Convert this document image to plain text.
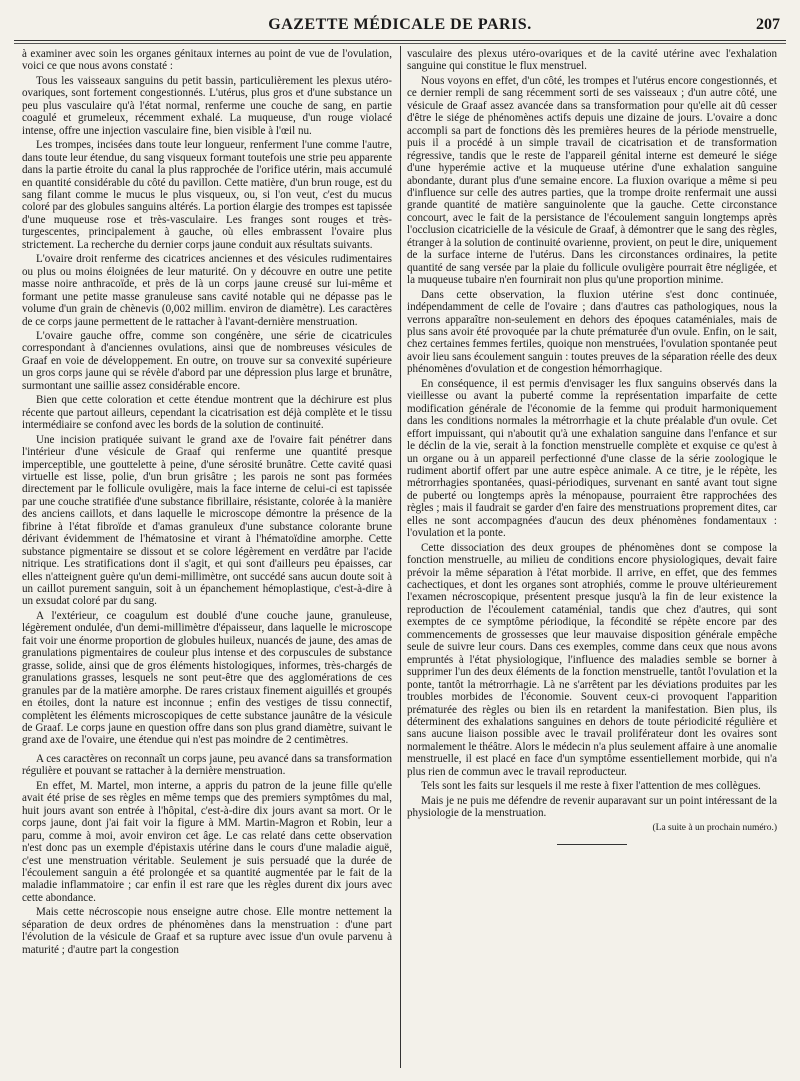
GAZETTE MÉDICALE DE PARIS.	207

à examiner avec soin les organes génitaux internes au point de vue de l'ovulation, voici ce que nous avons constaté :

Tous les vaisseaux sanguins du petit bassin, particulièrement les plexus utéro-ovariques, sont fortement congestionnés. L'utérus, plus gros et d'une substance un peu plus vasculaire qu'à l'état normal, renferme une couche de sang, en partie coagulé et grumeleux, récemment exhalé. La muqueuse, d'un rouge violacé intense, offre une injection vasculaire fine, bien visible à l'œil nu.

Les trompes, incisées dans toute leur longueur, renferment l'une comme l'autre, dans toute leur étendue, du sang visqueux formant toutefois une strie peu apparente dans la partie étroite du canal la plus rapprochée de l'orifice utérin, mais accumulé en quantité considérable du côté du pavillon. Cette matière, d'un brun rouge, est du sang filant comme le mucus le plus visqueux, ou, si l'on veut, c'est du mucus coloré par des globules sanguins altérés. La portion élargie des trompes est tapissée d'une muqueuse rose et très-vasculaire. Les franges sont rouges et très-turgescentes, principalement à gauche, où elles embrassent l'ovaire plus strictement. La recherche du dernier corps jaune conduit aux résultats suivants.

L'ovaire droit renferme des cicatrices anciennes et des vésicules rudimentaires ou plus ou moins éloignées de leur maturité. On y découvre en outre une petite masse noire anthracoïde, et près de là un corps jaune creusé sur lui-même et formant une petite masse granuleuse sans cavité notable qui ne dépasse pas le volume d'un grain de chènevis (0,002 millim. environ de diamètre). Les caractères de ce corps jaune permettent de le rattacher à l'avant-dernière menstruation.

L'ovaire gauche offre, comme son congénère, une série de cicatricules correspondant à d'anciennes ovulations, ainsi que de nombreuses vésicules de Graaf en voie de développement. En outre, on trouve sur sa convexité supérieure un gros corps jaune qui se révèle d'abord par une dépression plus large et brunâtre, surmontant une saillie assez considérable encore.

Bien que cette coloration et cette étendue montrent que la déchirure est plus récente que partout ailleurs, cependant la cicatrisation est déjà complète et le tissu intermédiaire se confond avec les bords de la solution de continuité.

Une incision pratiquée suivant le grand axe de l'ovaire fait pénétrer dans l'intérieur d'une vésicule de Graaf qui renferme une quantité presque imperceptible, une gouttelette à peine, d'une sérosité brunâtre. Cette cavité quasi virtuelle est lisse, polie, d'un brun grisâtre ; les parois ne sont pas formées directement par le follicule ovuligère, mais la face interne de celui-ci est tapissée par une couche stratifiée d'une substance fibrillaire, résistante, colorée à la manière des anciens caillots, et dans laquelle le microscope démontre la présence de la fibrine à l'état fibroïde et d'amas granuleux d'une substance colorante brune dérivant évidemment de l'hématosine et virant à l'hématoïdine amorphe. Cette substance pigmentaire se dissout et se colore légèrement en verdâtre par l'acide nitrique. Les stratifications dont il s'agit, et qui sont d'ailleurs peu épaisses, car elles n'atteignent guère qu'un demi-millimètre, ont succédé sans aucun doute soit à un caillot purement sanguin, soit à un épanchement hémoplastique, c'est-à-dire à un exsudat coloré par du sang.

A l'extérieur, ce coagulum est doublé d'une couche jaune, granuleuse, légèrement ondulée, d'un demi-millimètre d'épaisseur, dans laquelle le microscope fait voir une énorme proportion de globules huileux, nuancés de jaune, des amas de granulations pigmentaires de couleur plus intense et des corpuscules de substance grasse, solide, ainsi que de gros éléments histologiques, informes, très-chargés de granulations grasses, lesquels ne sont peut-être que des agglomérations de ces granules par de la matière amorphe. De rares cristaux finement aiguillés et groupés en étoiles, dont la nature est inconnue ; enfin des vestiges de tissu connectif, complètent les éléments microscopiques de cette substance jaunâtre de la vésicule de Graaf. Le corps jaune en question offre dans son plus grand diamètre, suivant le grand axe de l'ovaire, une étendue qui n'est pas moindre de 2 centimètres.

A ces caractères on reconnaît un corps jaune, peu avancé dans sa transformation régulière et pouvant se rattacher à la dernière menstruation.

En effet, M. Martel, mon interne, a appris du patron de la jeune fille qu'elle avait été prise de ses règles en même temps que des premiers symptômes du mal, huit jours avant son entrée à l'hôpital, c'est-à-dire dix jours avant sa mort. Or le corps jaune, dont j'ai fait voir la figure à MM. Martin-Magron et Robin, leur a paru, comme à moi, avoir environ cet âge. Le cas relaté dans cette observation n'est donc pas un exemple d'épistaxis utérine dans le cours d'une maladie aiguë, c'est une menstruation véritable. Seulement je suis persuadé que la durée de l'écoulement sanguin a été prolongée et sa quantité augmentée par le fait de la maladie inflammatoire ; car enfin il est rare que les règles durent dix jours avec cette abondance.

Mais cette nécroscopie nous enseigne autre chose. Elle montre nettement la séparation de deux ordres de phénomènes dans la menstruation : d'une part l'évolution de la vésicule de Graaf et sa rupture avec issue d'un ovule parvenu à maturité ; d'autre part la congestion

vasculaire des plexus utéro-ovariques et de la cavité utérine avec l'exhalation sanguine qui constitue le flux menstruel.

Nous voyons en effet, d'un côté, les trompes et l'utérus encore congestionnés, et ce dernier rempli de sang récemment sorti de ses vaisseaux ; d'un autre côté, une vésicule de Graaf assez avancée dans sa transformation pour qu'elle ait dû cesser d'être le siége de phénomènes actifs depuis une dizaine de jours. L'ovaire a donc accompli sa part de fonctions dès les premières heures de la période menstruelle, puis il a procédé à un simple travail de cicatrisation et de transformation régressive, tandis que le reste de l'appareil génital interne est demeuré le siége d'une hyperémie active et la muqueuse utérine d'une exhalation sanguine abondante, durant plus d'une semaine encore. La fluxion ovarique a même si peu d'influence sur celle des autres parties, que la trompe droite renfermait une aussi grande quantité de matière sanguinolente que la gauche. Cette circonstance concourt, avec le fait de la persistance de l'écoulement sanguin longtemps après l'occlusion cicatricielle de la vésicule de Graaf, à démontrer que le sang des règles, étranger à la solution de continuité ovarienne, provient, on peut le dire, uniquement de la surface interne de l'utérus. Dans les circonstances ordinaires, la petite quantité de sang versée par la plaie du follicule ovuligère pourrait être négligée, et la muqueuse tubaire n'en fournirait non plus qu'une proportion minime.

Dans cette observation, la fluxion utérine s'est donc continuée, indépendamment de celle de l'ovaire ; dans d'autres cas pathologiques, nous la verrons apparaître non-seulement en dehors des époques cataméniales, mais de plus sans avoir été provoquée par la chute prématurée d'un ovule. Enfin, on le sait, chez certaines femmes fertiles, quoique non menstruées, l'ovulation spontanée peut avoir lieu sans écoulement sanguin : toutes preuves de la séparation réelle des deux phénomènes d'ovulation et de congestion hémorrhagique.

En conséquence, il est permis d'envisager les flux sanguins observés dans la vieillesse ou avant la puberté comme la représentation imparfaite de cette modification générale de l'économie de la femme qui produit harmoniquement dans les conditions normales la métrorrhagie et la chute préalable d'un ovule. Cet effort impuissant, qui n'aboutit qu'à une exhalation sanguine dans l'enfance et sur le déclin de la vie, serait à la fonction menstruelle complète et exquise ce qu'est à un organe ou à un appareil perfectionné d'une classe de la série zoologique le rudiment abortif offert par une autre espèce animale. A ce titre, je le répète, les métrorrhagies spontanées, quasi-périodiques, survenant en santé avant tout signe de puberté ou longtemps après la ménopause, pourraient être rapprochées des règles ; mais il faudrait se garder d'en faire des menstruations proprement dites, car elles ne sont accompagnées d'aucun des deux phénomènes fondamentaux : l'ovulation et la ponte.

Cette dissociation des deux groupes de phénomènes dont se compose la fonction menstruelle, au milieu de conditions encore physiologiques, devait faire prévoir la même séparation à l'état morbide. Il arrive, en effet, que des femmes cachectiques, et dont les organes sont atrophiés, comme le prouve ultérieurement l'examen nécroscopique, présentent presque jusqu'à la fin de leur existence la reproduction de l'écoulement cataménial, tandis que chez d'autres, qui sont exemptes de ce symptôme périodique, la fécondité se répète encore par des commencements de grossesses que leur mauvaise disposition générale empêche seule de suivre leur cours. Dans ces exemples, comme dans ceux que nous avons empruntés à l'état physiologique, l'influence des maladies semble se borner à supprimer l'un des deux éléments de la fonction menstruelle, tantôt l'ovulation et la ponte, tantôt la métrorrhagie. Là ne s'arrêtent par les déviations produites par les troubles morbides de l'économie. Souvent ceux-ci provoquent l'apparition prématurée des règles ou bien ils en retardent la manifestation. Bien plus, ils déterminent des exhalations sanguines en dehors de toute périodicité régulière et sans aucune liaison possible avec le travail proliférateur dont les ovaires sont normalement le théâtre. Alors le médecin n'a plus seulement affaire à une anomalie menstruelle, il est placé en face d'un symptôme essentiellement morbide, qui n'a plus rien de commun avec le travail reproducteur.

Tels sont les faits sur lesquels il me reste à fixer l'attention de mes collègues.

Mais je ne puis me défendre de revenir auparavant sur un point intéressant de la physiologie de la menstruation.

(La suite à un prochain numéro.)
